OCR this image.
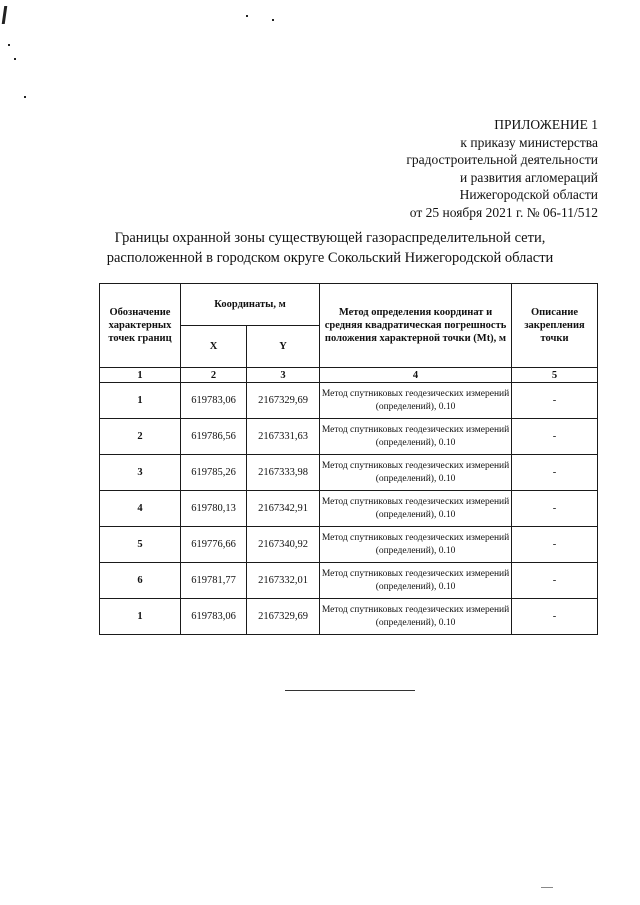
ПРИЛОЖЕНИЕ 1
к приказу министерства
градостроительной деятельности
и развития агломераций
Нижегородской области
от 25 ноября 2021 г. № 06-11/512
Границы охранной зоны существующей газораспределительной сети,
расположенной в городском округе Сокольский Нижегородской области
Обозначение характерных точек границ	Координаты, м		Метод определения координат и средняя квадратическая погрешность положения характерной точки (Mt), м	Описание закрепления точки
	X	Y		
1	2	3	4	5
1	619783,06	2167329,69	Метод спутниковых геодезических измерений (определений), 0.10	-
2	619786,56	2167331,63	Метод спутниковых геодезических измерений (определений), 0.10	-
3	619785,26	2167333,98	Метод спутниковых геодезических измерений (определений), 0.10	-
4	619780,13	2167342,91	Метод спутниковых геодезических измерений (определений), 0.10	-
5	619776,66	2167340,92	Метод спутниковых геодезических измерений (определений), 0.10	-
6	619781,77	2167332,01	Метод спутниковых геодезических измерений (определений), 0.10	-
1	619783,06	2167329,69	Метод спутниковых геодезических измерений (определений), 0.10	-
